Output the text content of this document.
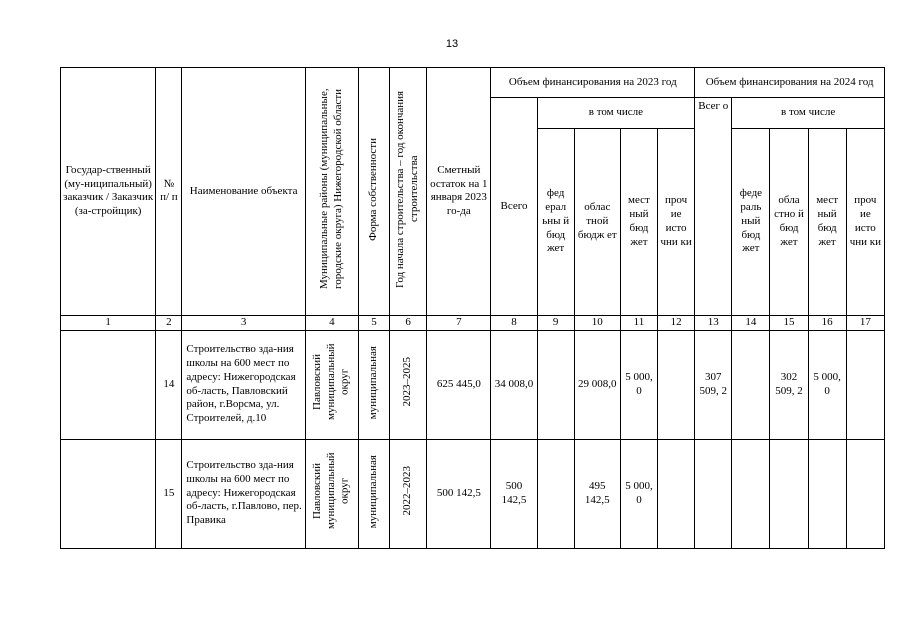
13
Государ-ственный (му-ниципальный) заказчик / Заказчик (за-стройщик)	№ п/ п	Наименование объекта	Муниципальные районы (муниципальные, городские округа) Нижегородской области	Форма собственности	Год начала строительства – год окончания строительства	Сметный остаток на 1 января 2023 го-да	Объем финансирования на 2023 год					Объем финансирования на 2024 год				
							Всего	в том числе				Всег о	в том числе			
								фед ерал ьны й бюд жет	облас тной бюдж ет	мест ный бюд жет	проч ие исто чни ки		феде раль ный бюд жет	обла стно й бюд жет	мест ный бюд жет	проч ие исто чни ки
1	2	3	4	5	6	7	8	9	10	11	12	13	14	15	16	17
	14	Строительство зда-ния школы на 600 мест по адресу: Нижегородская об-ласть, Павловский район, г.Ворсма, ул. Строителей, д.10	Павловский муниципальный округ	муниципальная	2023–2025	625 445,0	34 008,0		29 008,0	5 000, 0		307 509, 2		302 509, 2	5 000, 0	
	15	Строительство зда-ния школы на 600 мест по адресу: Нижегородская об-ласть, г.Павлово, пер. Правика	Павловский муниципальный округ	муниципальная	2022–2023	500 142,5	500 142,5		495 142,5	5 000, 0						
